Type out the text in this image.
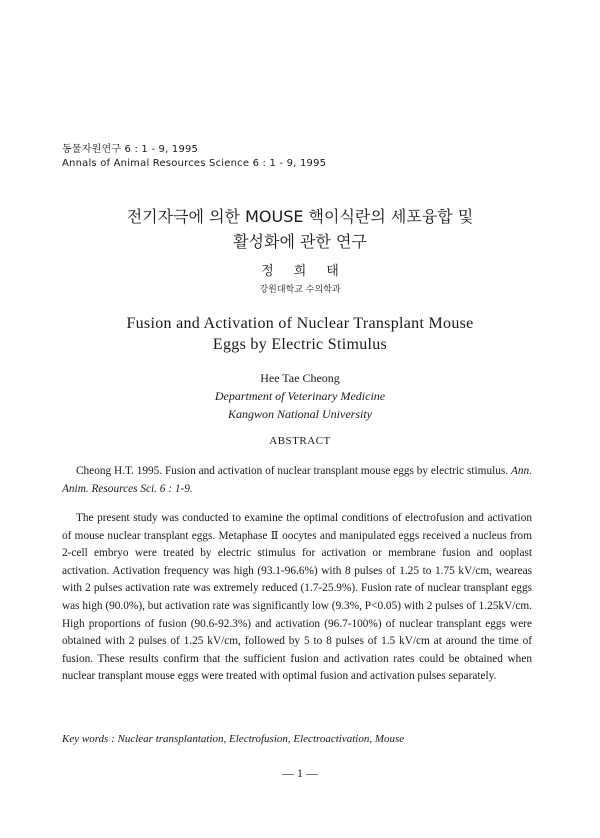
동물자원연구 6 : 1 - 9, 1995
Annals of Animal Resources Science 6 : 1 - 9, 1995
전기자극에 의한 MOUSE 핵이식란의 세포융합 및
활성화에 관한 연구
정희태
강원대학교 수의학과
Fusion and Activation of Nuclear Transplant Mouse
Eggs by Electric Stimulus
Hee Tae Cheong
Department of Veterinary Medicine
Kangwon National University
ABSTRACT
Cheong H.T. 1995. Fusion and activation of nuclear transplant mouse eggs by electric stimulus. Ann. Anim. Resources Sci. 6 : 1-9.
The present study was conducted to examine the optimal conditions of electrofusion and activation of mouse nuclear transplant eggs. Metaphase Ⅱ oocytes and manipulated eggs received a nucleus from 2-cell embryo were treated by electric stimulus for activation or membrane fusion and ooplast activation. Activation frequency was high (93.1-96.6%) with 8 pulses of 1.25 to 1.75 kV/cm, weareas with 2 pulses activation rate was extremely reduced (1.7-25.9%). Fusion rate of nuclear transplant eggs was high (90.0%), but activation rate was significantly low (9.3%, P<0.05) with 2 pulses of 1.25kV/cm. High proportions of fusion (90.6-92.3%) and activation (96.7-100%) of nuclear transplant eggs were obtained with 2 pulses of 1.25 kV/cm, followed by 5 to 8 pulses of 1.5 kV/cm at around the time of fusion. These results confirm that the sufficient fusion and activation rates could be obtained when nuclear transplant mouse eggs were treated with optimal fusion and activation pulses separately.
Key words : Nuclear transplantation, Electrofusion, Electroactivation, Mouse
— 1 —
